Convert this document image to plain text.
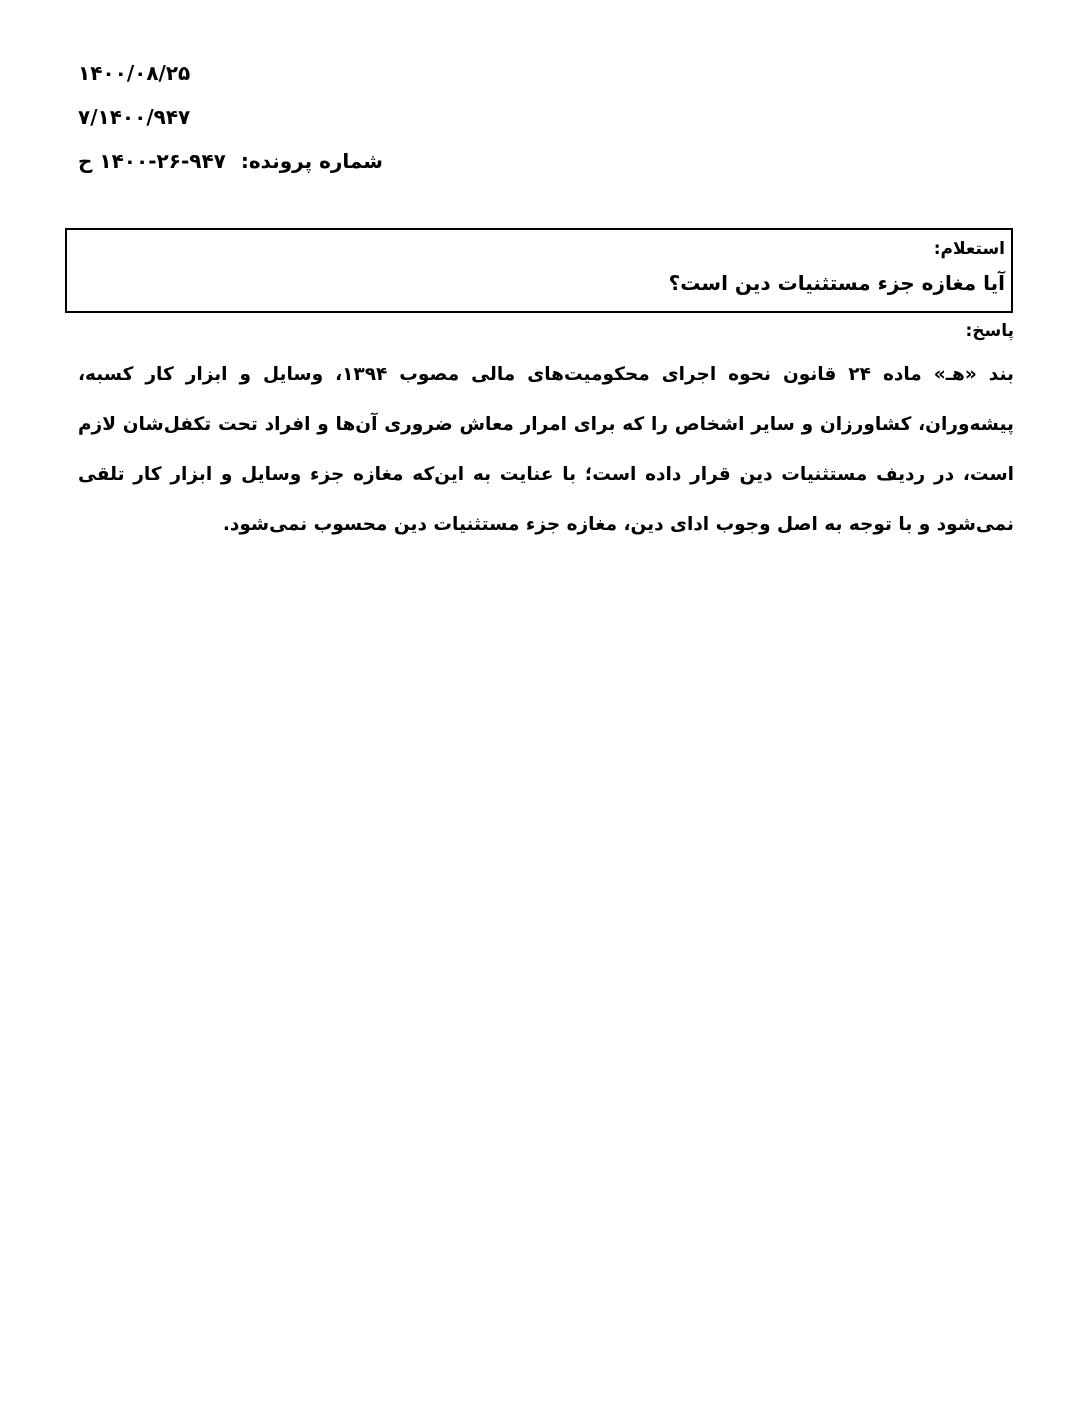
۱۴۰۰/۰۸/۲۵
۷/۱۴۰۰/۹۴۷
شماره پرونده: ۹۴۷-۲۶-۱۴۰۰ ح
استعلام:
آیا مغازه جزء مستثنیات دین است؟
پاسخ:
بند «هـ» ماده ۲۴ قانون نحوه اجرای محکومیت‌های مالی مصوب ۱۳۹۴، وسایل و ابزار کار کسبه، پیشه‌وران، کشاورزان و سایر اشخاص را که برای امرار معاش ضروری آن‌ها و افراد تحت تکفل‌شان لازم است، در ردیف مستثنیات دین قرار داده است؛ با عنایت به این‌که مغازه جزء وسایل و ابزار کار تلقی نمی‌شود و با توجه به اصل وجوب ادای دین، مغازه جزء مستثنیات دین محسوب نمی‌شود.
